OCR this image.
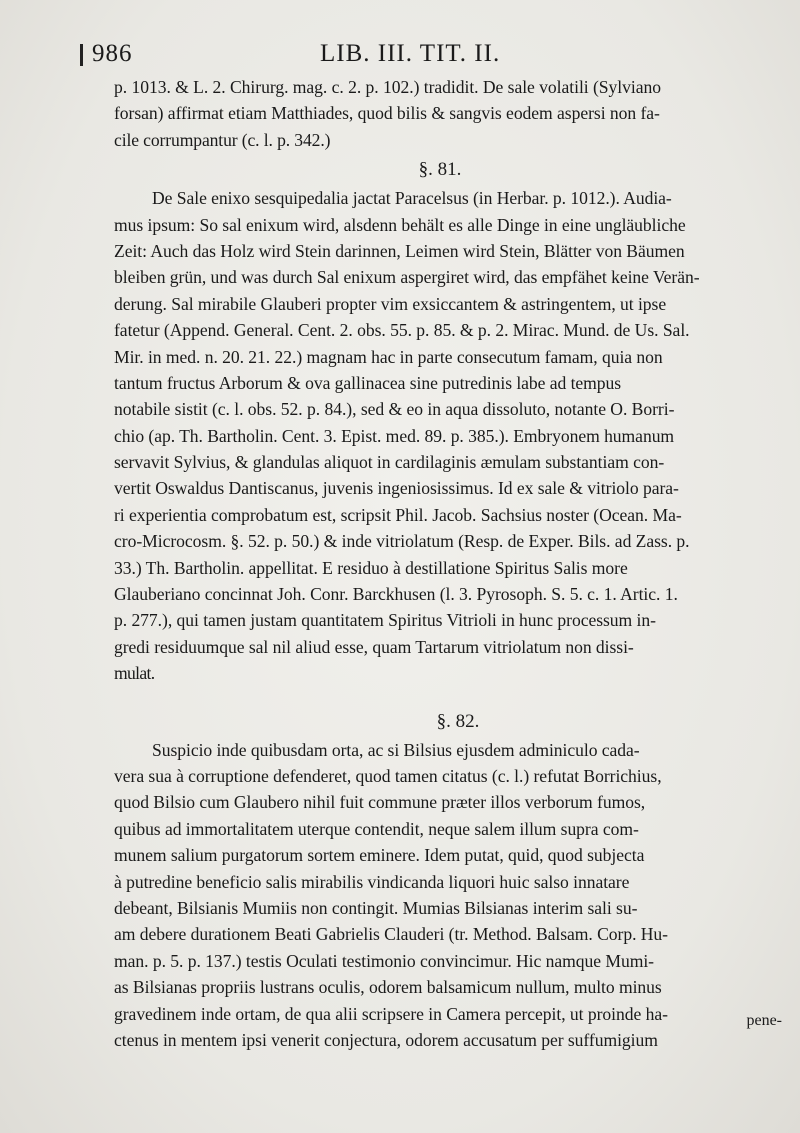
986	LIB. III. TIT. II.
p. 1013. & L. 2. Chirurg. mag. c. 2. p. 102.) tradidit. De sale volatili (Sylviano
forsan) affirmat etiam Matthiades, quod bilis & sangvis eodem aspersi non fa-
cile corrumpantur (c. l. p. 342.)
§. 81.
De Sale enixo sesquipedalia jactat Paracelsus (in Herbar. p. 1012.). Audia-
mus ipsum: So sal enixum wird, alsdenn behält es alle Dinge in eine ungläubliche
Zeit: Auch das Holz wird Stein darinnen, Leimen wird Stein, Blätter von Bäumen
bleiben grün, und was durch Sal enixum aspergiret wird, das empfähet keine Verän-
derung. Sal mirabile Glauberi propter vim exsiccantem & astringentem, ut ipse
fatetur (Append. General. Cent. 2. obs. 55. p. 85. & p. 2. Mirac. Mund. de Us. Sal.
Mir. in med. n. 20. 21. 22.) magnam hac in parte consecutum famam, quia non
tantum fructus Arborum & ova gallinacea sine putredinis labe ad tempus
notabile sistit (c. l. obs. 52. p. 84.), sed & eo in aqua dissoluto, notante O. Borri-
chio (ap. Th. Bartholin. Cent. 3. Epist. med. 89. p. 385.). Embryonem humanum
servavit Sylvius, & glandulas aliquot in cardilaginis æmulam substantiam con-
vertit Oswaldus Dantiscanus, juvenis ingeniosissimus. Id ex sale & vitriolo para-
ri experientia comprobatum est, scripsit Phil. Jacob. Sachsius noster (Ocean. Ma-
cro-Microcosm. §. 52. p. 50.) & inde vitriolatum (Resp. de Exper. Bils. ad Zass. p.
33.) Th. Bartholin. appellitat. E residuo à destillatione Spiritus Salis more
Glauberiano concinnat Joh. Conr. Barckhusen (l. 3. Pyrosoph. S. 5. c. 1. Artic. 1.
p. 277.), qui tamen justam quantitatem Spiritus Vitrioli in hunc processum in-
gredi residuumque sal nil aliud esse, quam Tartarum vitriolatum non dissi-
mulat.
§. 82.
Suspicio inde quibusdam orta, ac si Bilsius ejusdem adminiculo cada-
vera sua à corruptione defenderet, quod tamen citatus (c. l.) refutat Borrichius,
quod Bilsio cum Glaubero nihil fuit commune præter illos verborum fumos,
quibus ad immortalitatem uterque contendit, neque salem illum supra com-
munem salium purgatorum sortem eminere. Idem putat, quid, quod subjecta
à putredine beneficio salis mirabilis vindicanda liquori huic salso innatare
debeant, Bilsianis Mumiis non contingit. Mumias Bilsianas interim sali su-
am debere durationem Beati Gabrielis Clauderi (tr. Method. Balsam. Corp. Hu-
man. p. 5. p. 137.) testis Oculati testimonio convincimur. Hic namque Mumi-
as Bilsianas propriis lustrans oculis, odorem balsamicum nullum, multo minus
gravedinem inde ortam, de qua alii scripsere in Camera percepit, ut proinde ha-
ctenus in mentem ipsi venerit conjectura, odorem accusatum per suffumigium
pene-
